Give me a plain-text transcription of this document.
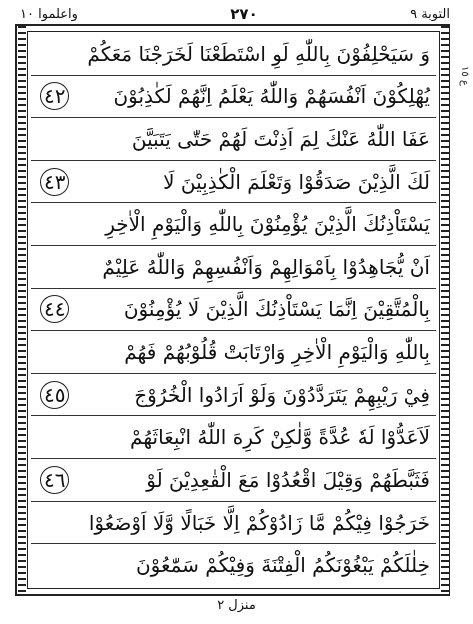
التوبة ٩
٢٧٠
واعلموا ١٠
ع ١٥
وَ سَيَحْلِفُوْنَ بِاللّٰهِ لَوِ اسْتَطَعْنَا لَخَرَجْنَا مَعَكُمْ
يُهْلِكُوْنَ اَنْفُسَهُمْ وَاللّٰهُ يَعْلَمُ اِنَّهُمْ لَكٰذِبُوْنَ
٤٢
عَفَا اللّٰهُ عَنْكَ لِمَ اَذِنْتَ لَهُمْ حَتّٰى يَتَبَيَّنَ
لَكَ الَّذِيْنَ صَدَقُوْا وَتَعْلَمَ الْكٰذِبِيْنَ لَا
٤٣
يَسْتَاْذِنُكَ الَّذِيْنَ يُؤْمِنُوْنَ بِاللّٰهِ وَالْيَوْمِ الْاٰخِرِ
اَنْ يُّجَاهِدُوْا بِاَمْوَالِهِمْ وَاَنْفُسِهِمْ وَاللّٰهُ عَلِيْمٌ
بِالْمُتَّقِيْنَ اِنَّمَا يَسْتَاْذِنُكَ الَّذِيْنَ لَا يُؤْمِنُوْنَ
٤٤
بِاللّٰهِ وَالْيَوْمِ الْاٰخِرِ وَارْتَابَتْ قُلُوْبُهُمْ فَهُمْ
فِيْ رَيْبِهِمْ يَتَرَدَّدُوْنَ وَلَوْ اَرَادُوا الْخُرُوْجَ
٤٥
لَاَعَدُّوْا لَهٗ عُدَّةً وَّلٰكِنْ كَرِهَ اللّٰهُ انْبِعَاثَهُمْ
فَثَبَّطَهُمْ وَقِيْلَ اقْعُدُوْا مَعَ الْقٰعِدِيْنَ لَوْ
٤٦
خَرَجُوْا فِيْكُمْ مَّا زَادُوْكُمْ اِلَّا خَبَالًا وَّلَا اَوْضَعُوْا
خِلٰلَكُمْ يَبْغُوْنَكُمُ الْفِتْنَةَ وَفِيْكُمْ سَمّٰعُوْنَ
منزل ٢
